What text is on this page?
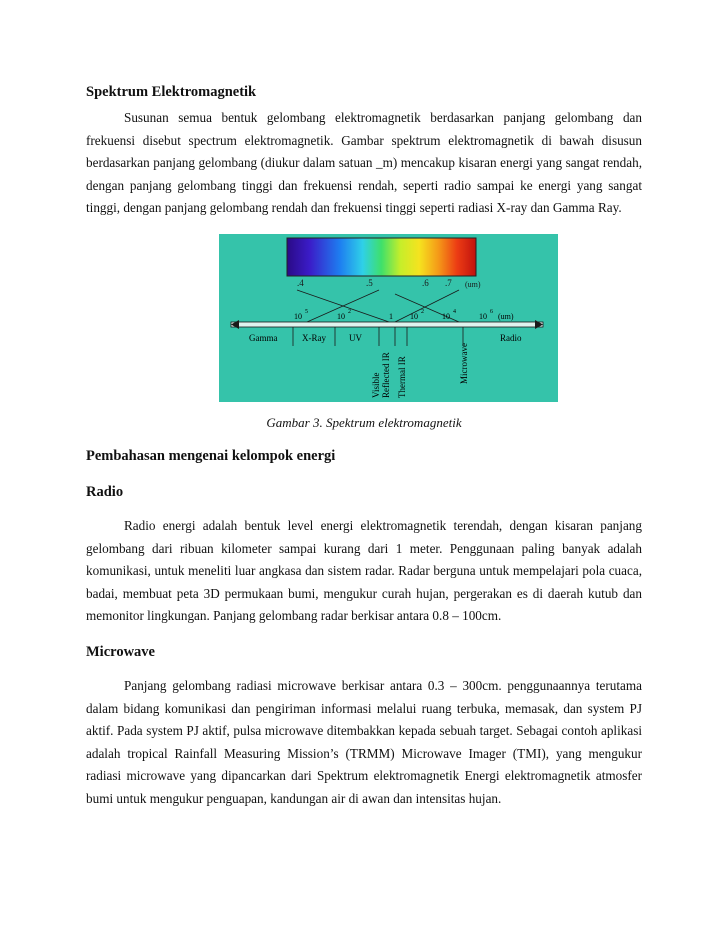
Spektrum Elektromagnetik

Susunan semua bentuk gelombang elektromagnetik berdasarkan panjang gelombang dan frekuensi disebut spectrum elektromagnetik. Gambar spektrum elektromagnetik di bawah disusun berdasarkan panjang gelombang (diukur dalam satuan _m) mencakup kisaran energi yang sangat rendah, dengan panjang gelombang tinggi dan frekuensi rendah, seperti radio sampai ke energi yang sangat tinggi, dengan panjang gelombang rendah dan frekuensi tinggi seperti radiasi X-ray dan Gamma Ray.

.4	.5	.6 .7 (um)
10 5	10 2	1 10 2 10 4	10 6 (um)
Gamma	X-Ray	UV	Radio
Visible Reflected IR Thermal IR	Microwave
Gambar 3. Spektrum elektromagnetik
Pembahasan mengenai kelompok energi
Radio

Radio energi adalah bentuk level energi elektromagnetik terendah, dengan kisaran panjang gelombang dari ribuan kilometer sampai kurang dari 1 meter. Penggunaan paling banyak adalah komunikasi, untuk meneliti luar angkasa dan sistem radar. Radar berguna untuk mempelajari pola cuaca, badai, membuat peta 3D permukaan bumi, mengukur curah hujan, pergerakan es di daerah kutub dan memonitor lingkungan. Panjang gelombang radar berkisar antara 0.8 – 100cm.

Microwave

Panjang gelombang radiasi microwave berkisar antara 0.3 – 300cm. penggunaannya terutama dalam bidang komunikasi dan pengiriman informasi melalui ruang terbuka, memasak, dan system PJ aktif. Pada system PJ aktif, pulsa microwave ditembakkan kepada sebuah target. Sebagai contoh aplikasi adalah tropical Rainfall Measuring Mission’s (TRMM) Microwave Imager (TMI), yang mengukur radiasi microwave yang dipancarkan dari Spektrum elektromagnetik Energi elektromagnetik atmosfer bumi untuk mengukur penguapan, kandungan air di awan dan intensitas hujan.
